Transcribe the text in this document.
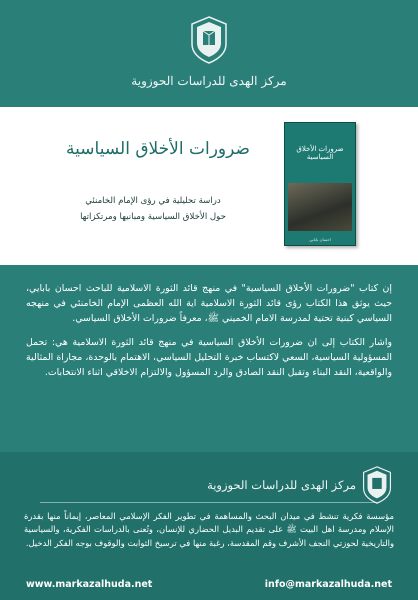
مركز الهدى للدراسات الحوزوية
ضرورات الأخلاق السياسية
احسان بابايي
ضرورات الأخلاق السياسية
دراسة تحليلية في رؤى الإمام الخامنئي
حول الأخلاق السياسية ومبانيها ومرتكزاتها

إن كتاب "ضرورات الأخلاق السياسية" في منهج قائد الثورة الاسلامية للباحث احسان بابايي، حيث يوثق هذا الكتاب رؤى قائد الثورة الاسلامية اية الله العظمى الإمام الخامنئي في منهجه السياسي كبنية تحتية لمدرسة الامام الخميني ﷺ، معرفاً ضرورات الأخلاق السياسي.

واشار الكتاب إلى ان ضرورات الأخلاق السياسية في منهج قائد الثورة الاسلامية هي: تحمل المسؤولية السياسية، السعي لاكتساب خبرة التحليل السياسي، الاهتمام بالوحدة، مجاراة المثالية والواقعية، النقد البناء وتقبل النقد الصادق والرد المسؤول والالتزام الاخلاقي اثناء الانتخابات.

مركز الهدى للدراسات الحوزوية
مؤسسة فكرية تنشط في ميدان البحث والمساهمة في تطوير الفكر الإسلامي المعاصر، إيماناً منها بقدرة الإسلام ومدرسة اهل البيت ﷺ على تقديم البديل الحضاري للإنسان، وتُعنى بالدراسات الفكرية، والسياسية والتاريخية لحوزتي النجف الأشرف وقم المقدسة، رغبة منها في ترسيخ الثوابت والوقوف بوجه الفكر الدخيل.
www.markazalhuda.net	info@markazalhuda.net
